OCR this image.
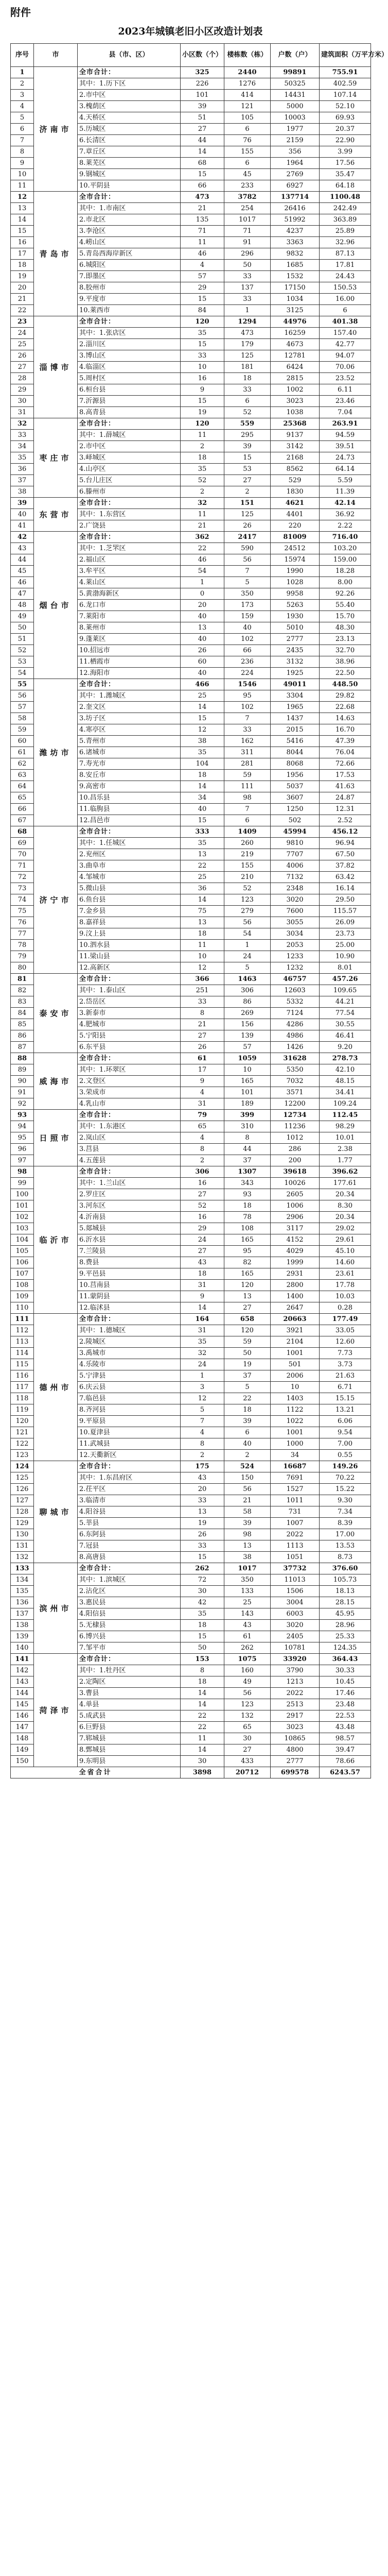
附件
2023年城镇老旧小区改造计划表
序号	市	县（市、区）	小区数（个）	楼栋数（栋）	户数（户）	建筑面积（万平方米）
1	济南市	全市合计：	325	2440	99891	755.91
2		其中：1.历下区	226	1276	50325	402.59
3		2.市中区	101	414	14431	107.14
4		3.槐荫区	39	121	5000	52.10
5		4.天桥区	51	105	10003	69.93
6		5.历城区	27	6	1977	20.37
7		6.长清区	44	76	2159	22.90
8		7.章丘区	14	155	356	3.99
9		8.莱芜区	68	6	1964	17.56
10		9.钢城区	15	45	2769	35.47
11		10.平阴县	66	233	6927	64.18
12	青岛市	全市合计：	473	3782	137714	1100.48
13		其中：1.市南区	21	254	26416	242.49
14		2.市北区	135	1017	51992	363.89
15		3.李沧区	71	71	4237	25.89
16		4.崂山区	11	91	3363	32.96
17		5.青岛西海岸新区	46	296	9832	87.13
18		6.城阳区	4	50	1685	17.81
19		7.即墨区	57	33	1532	24.43
20		8.胶州市	29	137	17150	150.53
21		9.平度市	15	33	1034	16.00
22		10.莱西市	84	1	3125	6
23	淄博市	全市合计：	120	1294	44976	401.38
24		其中：1.张店区	35	473	16259	157.40
25		2.淄川区	15	179	4673	42.77
26		3.博山区	33	125	12781	94.07
27		4.临淄区	10	181	6424	70.06
28		5.周村区	16	18	2815	23.52
29		6.桓台县	9	33	1002	6.11
30		7.沂源县	15	6	3023	23.46
31		8.高青县	19	52	1038	7.04
32	枣庄市	全市合计：	120	559	25368	263.91
33		其中：1.薛城区	11	295	9137	94.59
34		2.市中区	2	39	3142	39.51
35		3.峄城区	18	15	2168	24.73
36		4.山亭区	35	53	8562	64.14
37		5.台儿庄区	52	27	529	5.59
38		6.滕州市	2	2	1830	11.39
39	东营市	全市合计：	32	151	4621	42.14
40		其中：1.东营区	11	125	4401	36.92
41		2.广饶县	21	26	220	2.22
42	烟台市	全市合计：	362	2417	81009	716.40
43		其中：1.芝罘区	22	590	24512	103.20
44		2.福山区	46	56	15974	159.00
45		3.牟平区	54	7	1990	18.28
46		4.莱山区	1	5	1028	8.00
47		5.黄渤海新区	0	350	9958	92.26
48		6.龙口市	20	173	5263	55.40
49		7.莱阳市	40	159	1930	15.70
50		8.莱州市	13	40	5010	48.30
51		9.蓬莱区	40	102	2777	23.13
52		10.招远市	26	66	2435	32.70
53		11.栖霞市	60	236	3132	38.96
54		12.海阳市	40	224	1925	22.50
55	潍坊市	全市合计：	466	1546	49011	448.50
56		其中：1.潍城区	25	95	3304	29.82
57		2.奎文区	14	102	1965	22.68
58		3.坊子区	15	7	1437	14.63
59		4.寒亭区	12	33	2015	16.70
60		5.青州市	38	162	5416	47.39
61		6.诸城市	35	311	8044	76.04
62		7.寿光市	104	281	8068	72.66
63		8.安丘市	18	59	1956	17.53
64		9.高密市	14	111	5037	41.63
65		10.昌乐县	34	98	3607	24.87
66		11.临朐县	40	7	1250	12.31
67		12.昌邑市	15	6	502	2.52
68	济宁市	全市合计：	333	1409	45994	456.12
69		其中：1.任城区	35	260	9810	96.94
70		2.兖州区	13	219	7707	67.50
71		3.曲阜市	22	155	4006	37.82
72		4.邹城市	25	210	7132	63.42
73		5.微山县	36	52	2348	16.14
74		6.鱼台县	14	123	3020	29.50
75		7.金乡县	75	279	7600	115.57
76		8.嘉祥县	13	56	3055	26.09
77		9.汶上县	18	54	3034	23.73
78		10.泗水县	11	1	2053	25.00
79		11.梁山县	10	24	1233	10.90
80		12.高新区	12	5	1232	8.01
81	泰安市	全市合计：	366	1463	46757	457.26
82		其中：1.泰山区	251	306	12603	109.65
83		2.岱岳区	33	86	5332	44.21
84		3.新泰市	8	269	7124	77.54
85		4.肥城市	21	156	4286	30.55
86		5.宁阳县	27	139	4986	46.41
87		6.东平县	26	57	1426	9.20
88	威海市	全市合计：	61	1059	31628	278.73
89		其中：1.环翠区	17	10	5350	42.10
90		2.文登区	9	165	7032	48.15
91		3.荣成市	4	101	3571	34.41
92		4.乳山市	31	189	12200	109.24
93	日照市	全市合计：	79	399	12734	112.45
94		其中：1.东港区	65	310	11236	98.29
95		2.岚山区	4	8	1012	10.01
96		3.莒县	8	44	286	2.38
97		4.五莲县	2	37	200	1.77
98	临沂市	全市合计：	306	1307	39618	396.62
99		其中：1.兰山区	16	343	10026	177.61
100		2.罗庄区	27	93	2605	20.34
101		3.河东区	52	18	1006	8.30
102		4.沂南县	16	78	2906	20.34
103		5.郯城县	29	108	3117	29.02
104		6.沂水县	24	165	4152	29.61
105		7.兰陵县	27	95	4029	45.10
106		8.费县	43	82	1999	14.60
107		9.平邑县	18	165	2931	23.61
108		10.莒南县	31	120	2800	17.78
109		11.蒙阴县	9	13	1400	10.03
110		12.临沭县	14	27	2647	0.28
111	德州市	全市合计：	164	658	20663	177.49
112		其中：1.德城区	31	120	3921	33.05
113		2.陵城区	35	59	2104	12.60
114		3.禹城市	32	50	1001	7.73
115		4.乐陵市	24	19	501	3.73
116		5.宁津县	1	37	2006	21.63
117		6.庆云县	3	5	10	6.71
118		7.临邑县	12	22	1403	15.15
119		8.齐河县	5	18	1122	13.21
120		9.平原县	7	39	1022	6.06
121		10.夏津县	4	6	1001	9.54
122		11.武城县	8	40	1000	7.00
123		12.天衢新区	2	2	34	0.55
124	聊城市	全市合计：	175	524	16687	149.26
125		其中：1.东昌府区	43	150	7691	70.22
126		2.茌平区	20	56	1527	15.22
127		3.临清市	33	21	1011	9.30
128		4.阳谷县	13	58	731	7.34
129		5.莘县	19	39	1007	8.39
130		6.东阿县	26	98	2022	17.00
131		7.冠县	33	13	1113	13.53
132		8.高唐县	15	38	1051	8.73
133	滨州市	全市合计：	262	1017	37732	376.60
134		其中：1.滨城区	72	350	11013	105.73
135		2.沾化区	30	133	1506	18.13
136		3.惠民县	42	25	3004	28.15
137		4.阳信县	35	143	6003	45.95
138		5.无棣县	18	43	3020	28.96
139		6.博兴县	15	61	2405	25.33
140		7.邹平市	50	262	10781	124.35
141	菏泽市	全市合计：	153	1075	33920	364.43
142		其中：1.牡丹区	8	160	3790	30.33
143		2.定陶区	18	49	1213	10.45
144		3.曹县	14	56	2022	17.46
145		4.单县	14	123	2513	23.48
146		5.成武县	22	132	2917	22.53
147		6.巨野县	22	65	3023	43.48
148		7.郓城县	11	30	10865	98.57
149		8.鄄城县	14	27	4800	39.47
150		9.东明县	30	433	2777	78.66
全省合计			3898	20712	699578	6243.57
